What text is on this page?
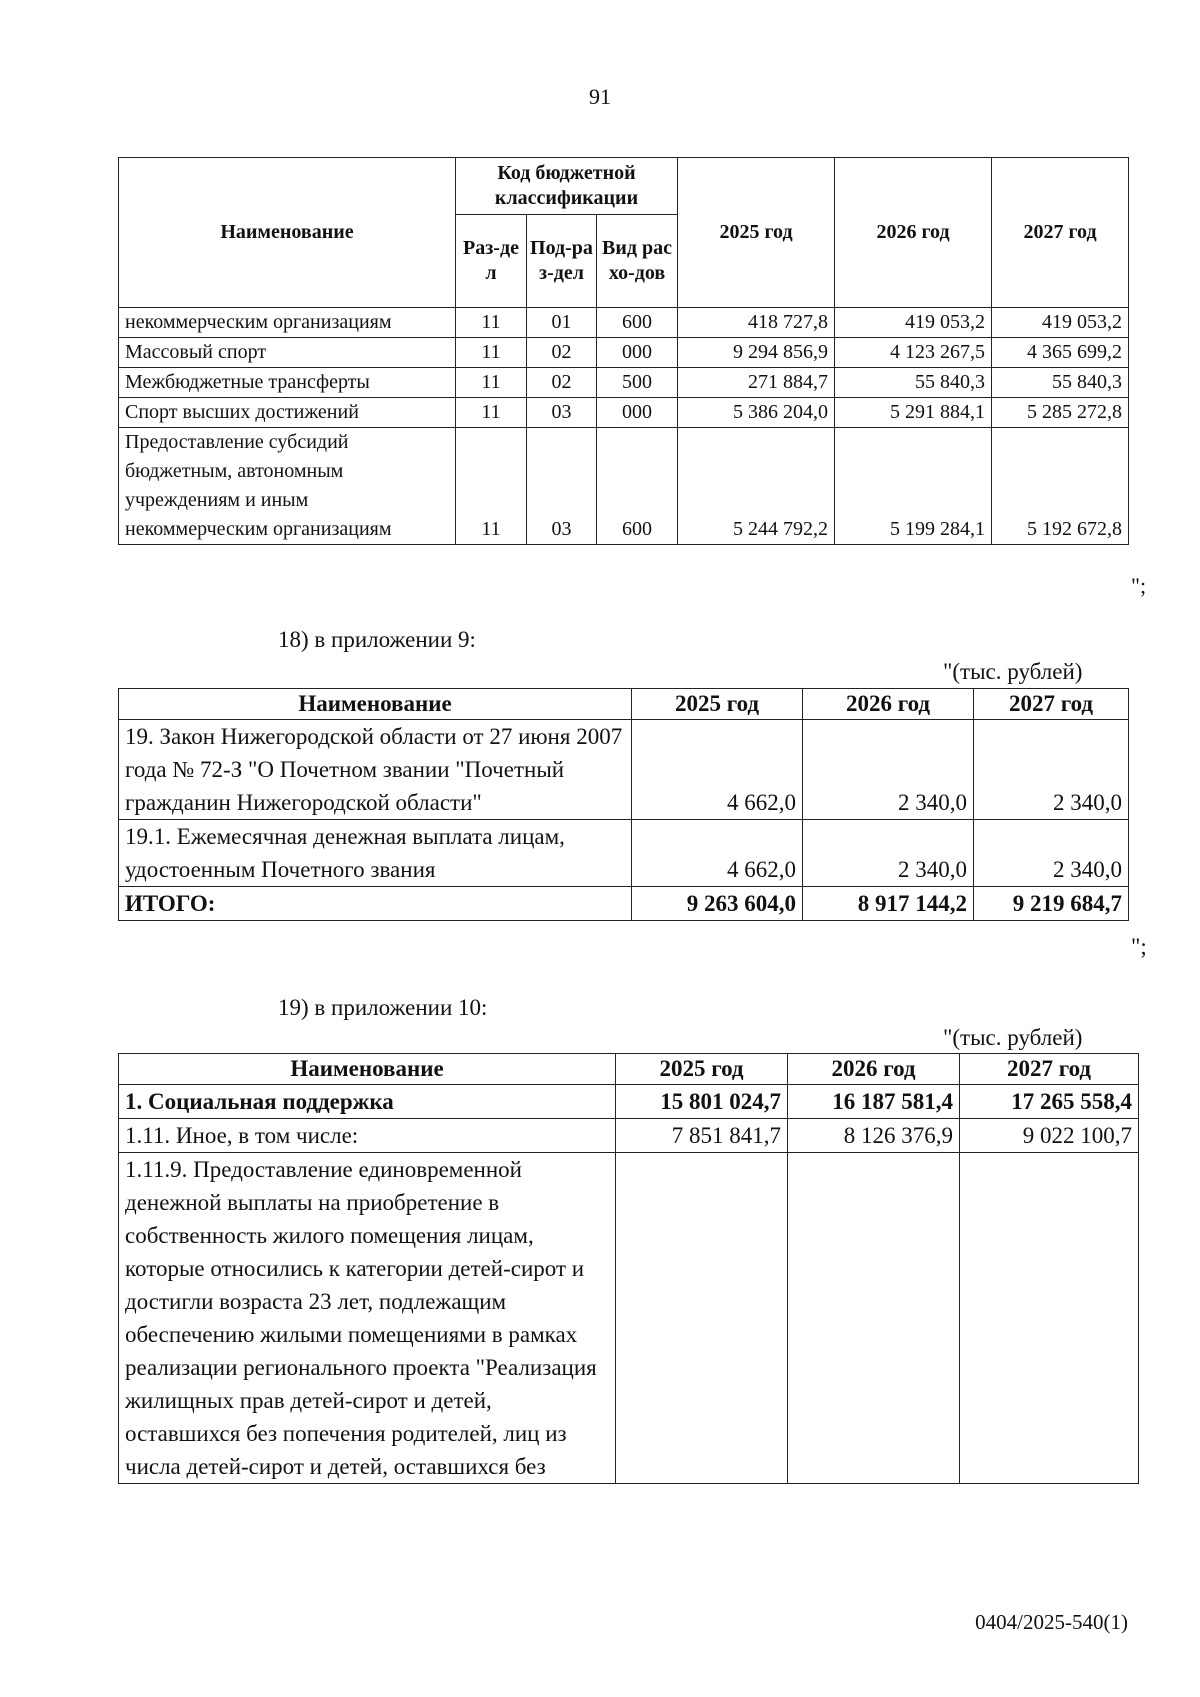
91
Наименование	Код бюджетной классификации			2025 год	2026 год	2027 год
	Раз-дел	Под-раз-дел	Вид расхо-дов			
некоммерческим организациям	11	01	600	418 727,8	419 053,2	419 053,2
Массовый спорт	11	02	000	9 294 856,9	4 123 267,5	4 365 699,2
Межбюджетные трансферты	11	02	500	271 884,7	55 840,3	55 840,3
Спорт высших достижений	11	03	000	5 386 204,0	5 291 884,1	5 285 272,8
Предоставление субсидий бюджетным, автономным учреждениям и иным некоммерческим организациям	11	03	600	5 244 792,2	5 199 284,1	5 192 672,8
";
18) в приложении 9:
"(тыс. рублей)
Наименование	2025 год	2026 год	2027 год
19. Закон Нижегородской области от 27 июня 2007 года № 72-З "О Почетном звании "Почетный гражданин Нижегородской области"	4 662,0	2 340,0	2 340,0
19.1. Ежемесячная денежная выплата лицам, удостоенным Почетного звания	4 662,0	2 340,0	2 340,0
ИТОГО:	9 263 604,0	8 917 144,2	9 219 684,7
";
19) в приложении 10:
"(тыс. рублей)
Наименование	2025 год	2026 год	2027 год
1. Социальная поддержка	15 801 024,7	16 187 581,4	17 265 558,4
1.11. Иное, в том числе:	7 851 841,7	8 126 376,9	9 022 100,7
1.11.9. Предоставление единовременной денежной выплаты на приобретение в собственность жилого помещения лицам, которые относились к категории детей-сирот и достигли возраста 23 лет, подлежащим обеспечению жилыми помещениями в рамках реализации регионального проекта "Реализация жилищных прав детей-сирот и детей, оставшихся без попечения родителей, лиц из числа детей-сирот и детей, оставшихся без			
0404/2025-540(1)
